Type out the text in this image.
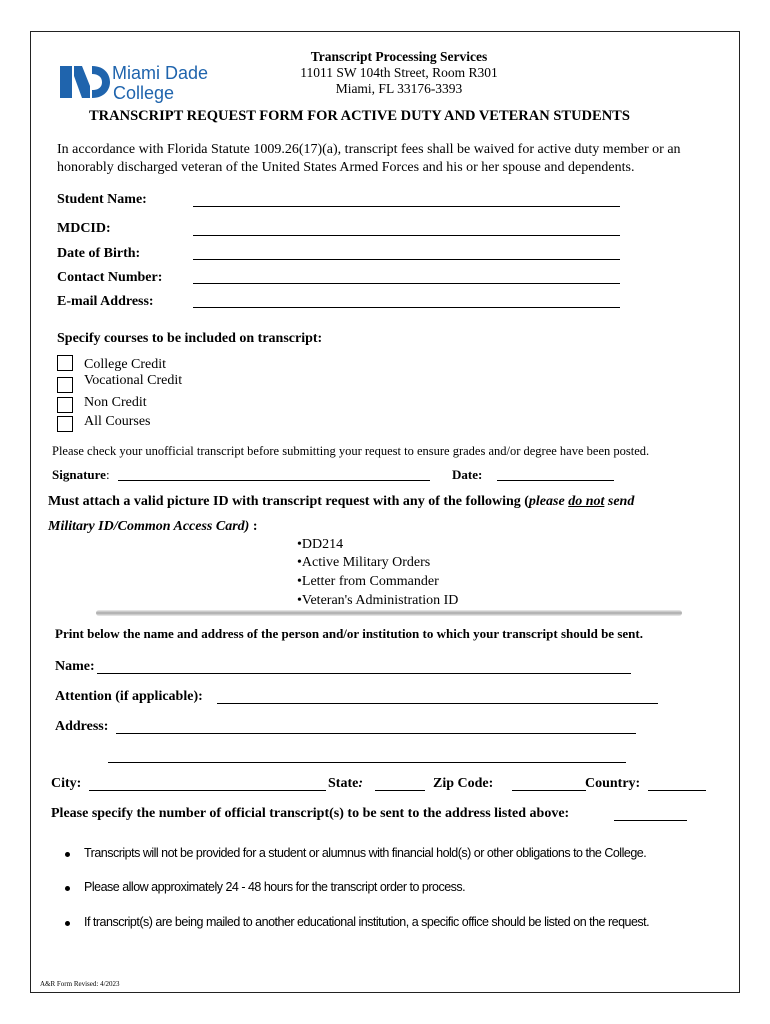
Miami Dade
College
Transcript Processing Services
11011 SW 104th Street, Room R301
Miami, FL 33176-3393
TRANSCRIPT REQUEST FORM FOR ACTIVE DUTY AND VETERAN STUDENTS
In accordance with Florida Statute 1009.26(17)(a), transcript fees shall be waived for active duty member or an
honorably discharged veteran of the United States Armed Forces and his or her spouse and dependents.
Student Name:
MDCID:
Date of Birth:
Contact Number:
E-mail Address:
Specify courses to be included on transcript:
College Credit
Vocational Credit
Non Credit
All Courses
Please check your unofficial transcript before submitting your request to ensure grades and/or degree have been posted.
Signature:	Date:
Must attach a valid picture ID with transcript request with any of the following (please do not send
Military ID/Common Access Card) :
•DD214
•Active Military Orders
•Letter from Commander
•Veteran's Administration ID
Print below the name and address of the person and/or institution to which your transcript should be sent.
Name:
Attention (if applicable):
Address:
City:	State:	Zip Code:	Country:
Please specify the number of official transcript(s) to be sent to the address listed above:
Transcripts will not be provided for a student or alumnus with financial hold(s) or other obligations to the College.
Please allow approximately 24 - 48 hours for the transcript order to process.
If transcript(s) are being mailed to another educational institution, a specific office should be listed on the request.
A&R Form Revised: 4/2023
